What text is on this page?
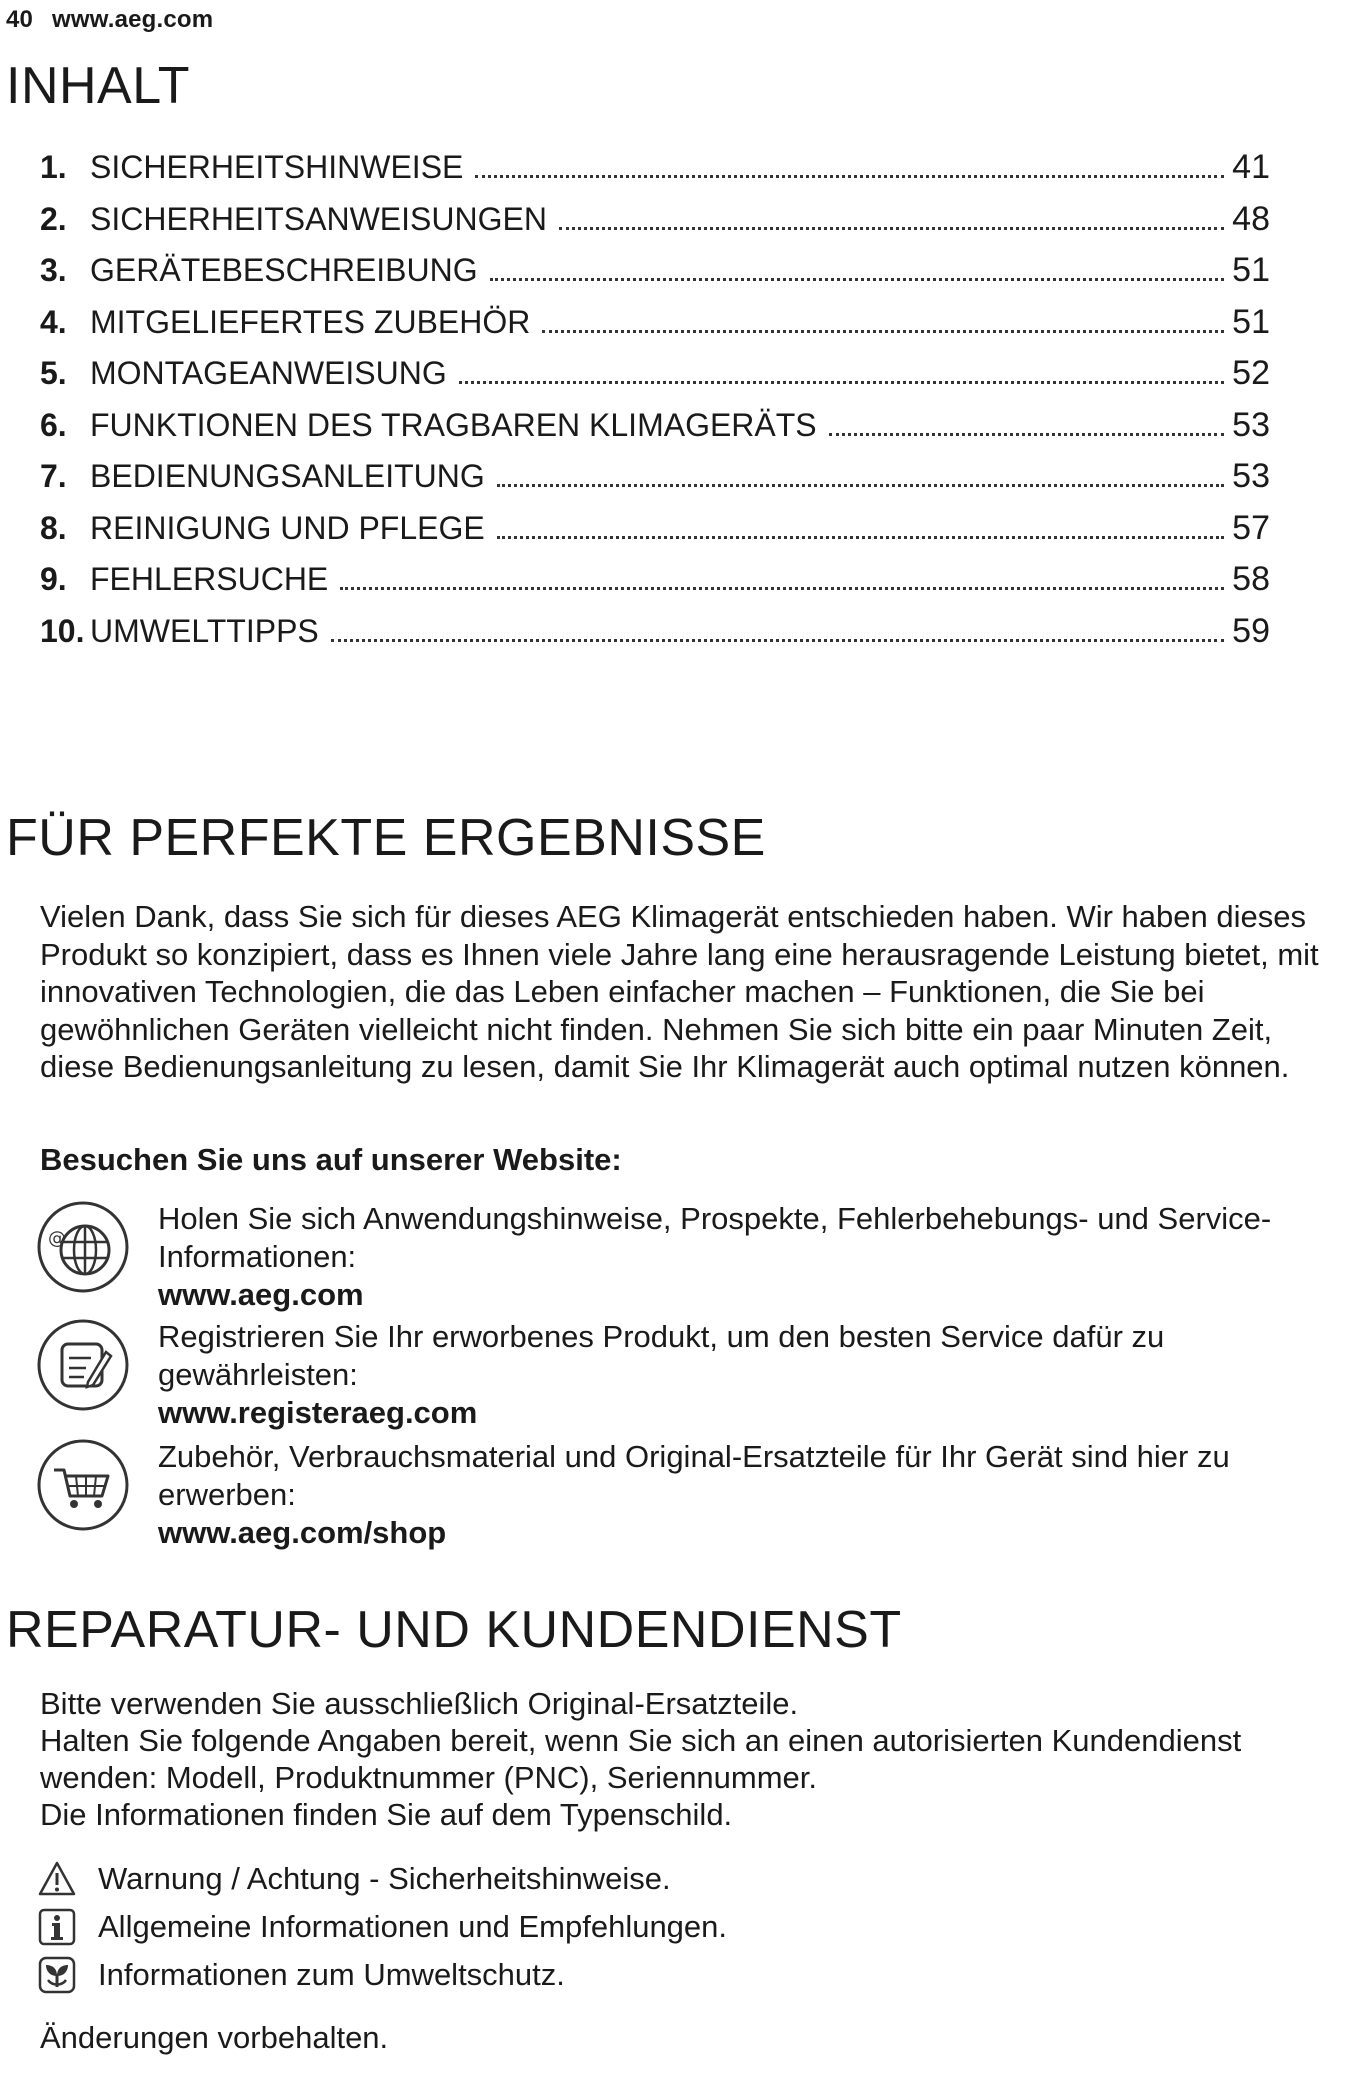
40 www.aeg.com
INHALT
1. SICHERHEITSHINWEISE	41
2. SICHERHEITSANWEISUNGEN	48
3. GERÄTEBESCHREIBUNG	51
4. MITGELIEFERTES ZUBEHÖR	51
5. MONTAGEANWEISUNG	52
6. FUNKTIONEN DES TRAGBAREN KLIMAGERÄTS	53
7. BEDIENUNGSANLEITUNG	53
8. REINIGUNG UND PFLEGE	57
9. FEHLERSUCHE	58
10. UMWELTTIPPS	59
FÜR PERFEKTE ERGEBNISSE
Vielen Dank, dass Sie sich für dieses AEG Klimagerät entschieden haben. Wir haben dieses Produkt so konzipiert, dass es Ihnen viele Jahre lang eine herausragende Leistung bietet, mit innovativen Technologien, die das Leben einfacher machen – Funktionen, die Sie bei gewöhnlichen Geräten vielleicht nicht finden. Nehmen Sie sich bitte ein paar Minuten Zeit, diese Bedienungsanleitung zu lesen, damit Sie Ihr Klimagerät auch optimal nutzen können.
Besuchen Sie uns auf unserer Website:
@
Holen Sie sich Anwendungshinweise, Prospekte, Fehlerbehebungs- und Service-Informationen:
www.aeg.com
Registrieren Sie Ihr erworbenes Produkt, um den besten Service dafür zu gewährleisten:
www.registeraeg.com
Zubehör, Verbrauchsmaterial und Original-Ersatzteile für Ihr Gerät sind hier zu erwerben:
www.aeg.com/shop
REPARATUR- UND KUNDENDIENST
Bitte verwenden Sie ausschließlich Original-Ersatzteile.
Halten Sie folgende Angaben bereit, wenn Sie sich an einen autorisierten Kundendienst wenden: Modell, Produktnummer (PNC), Seriennummer.
Die Informationen finden Sie auf dem Typenschild.
Warnung / Achtung - Sicherheitshinweise.
Allgemeine Informationen und Empfehlungen.
Informationen zum Umweltschutz.
Änderungen vorbehalten.
